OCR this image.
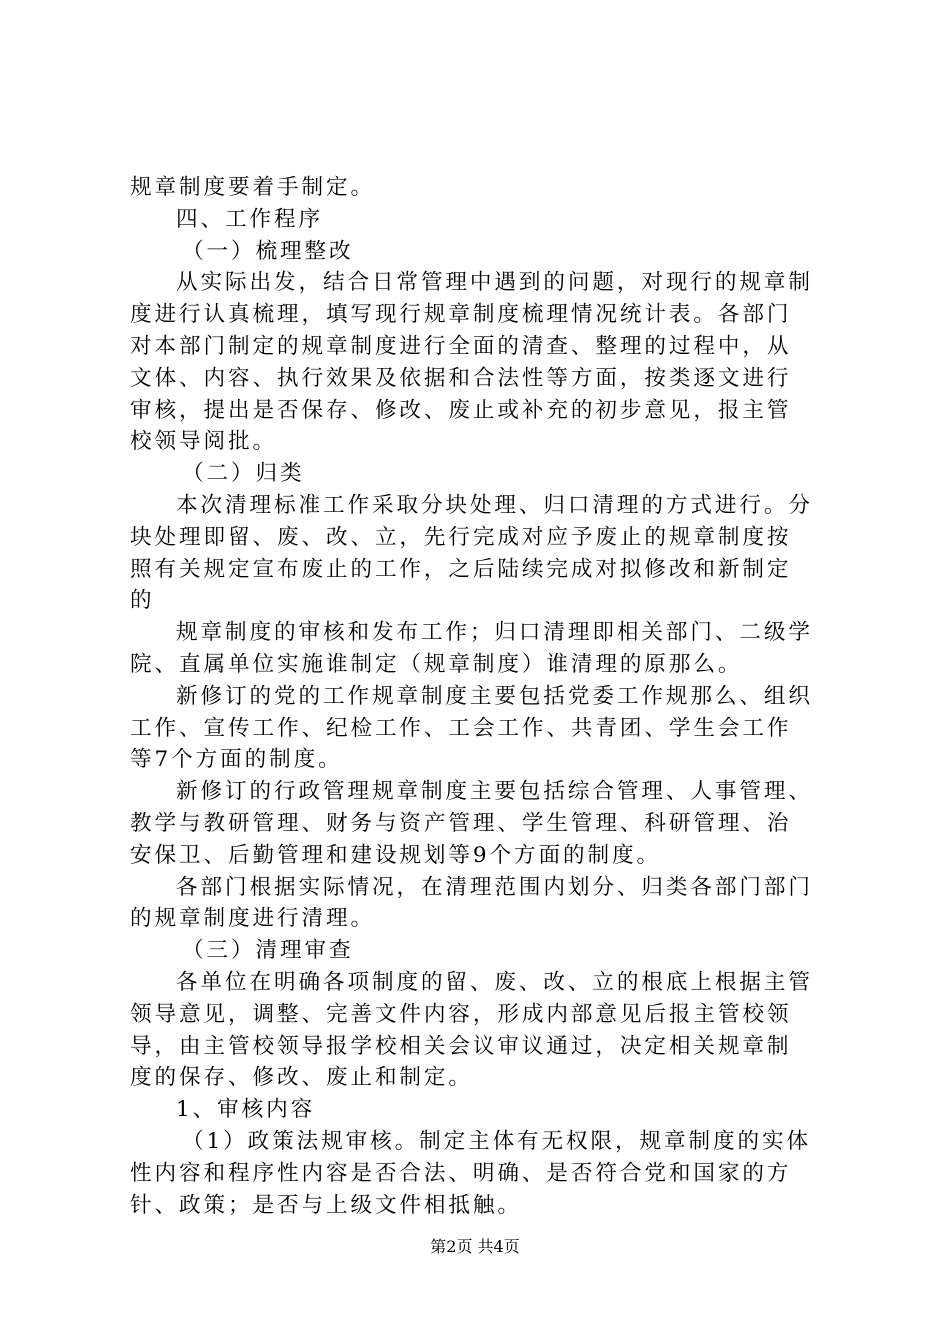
规章制度要着手制定。
四、工作程序
（一）梳理整改
从实际出发，结合日常管理中遇到的问题，对现行的规章制
度进行认真梳理，填写现行规章制度梳理情况统计表。各部门
对本部门制定的规章制度进行全面的清查、整理的过程中，从
文体、内容、执行效果及依据和合法性等方面，按类逐文进行
审核，提出是否保存、修改、废止或补充的初步意见，报主管
校领导阅批。
（二）归类
本次清理标准工作采取分块处理、归口清理的方式进行。分
块处理即留、废、改、立，先行完成对应予废止的规章制度按
照有关规定宣布废止的工作，之后陆续完成对拟修改和新制定
的
规章制度的审核和发布工作；归口清理即相关部门、二级学
院、直属单位实施谁制定（规章制度）谁清理的原那么。
新修订的党的工作规章制度主要包括党委工作规那么、组织
工作、宣传工作、纪检工作、工会工作、共青团、学生会工作
等7个方面的制度。
新修订的行政管理规章制度主要包括综合管理、人事管理、
教学与教研管理、财务与资产管理、学生管理、科研管理、治
安保卫、后勤管理和建设规划等9个方面的制度。
各部门根据实际情况，在清理范围内划分、归类各部门部门
的规章制度进行清理。
（三）清理审查
各单位在明确各项制度的留、废、改、立的根底上根据主管
领导意见，调整、完善文件内容，形成内部意见后报主管校领
导，由主管校领导报学校相关会议审议通过，决定相关规章制
度的保存、修改、废止和制定。
1、审核内容
（1）政策法规审核。制定主体有无权限，规章制度的实体
性内容和程序性内容是否合法、明确、是否符合党和国家的方
针、政策；是否与上级文件相抵触。
第2页 共4页
